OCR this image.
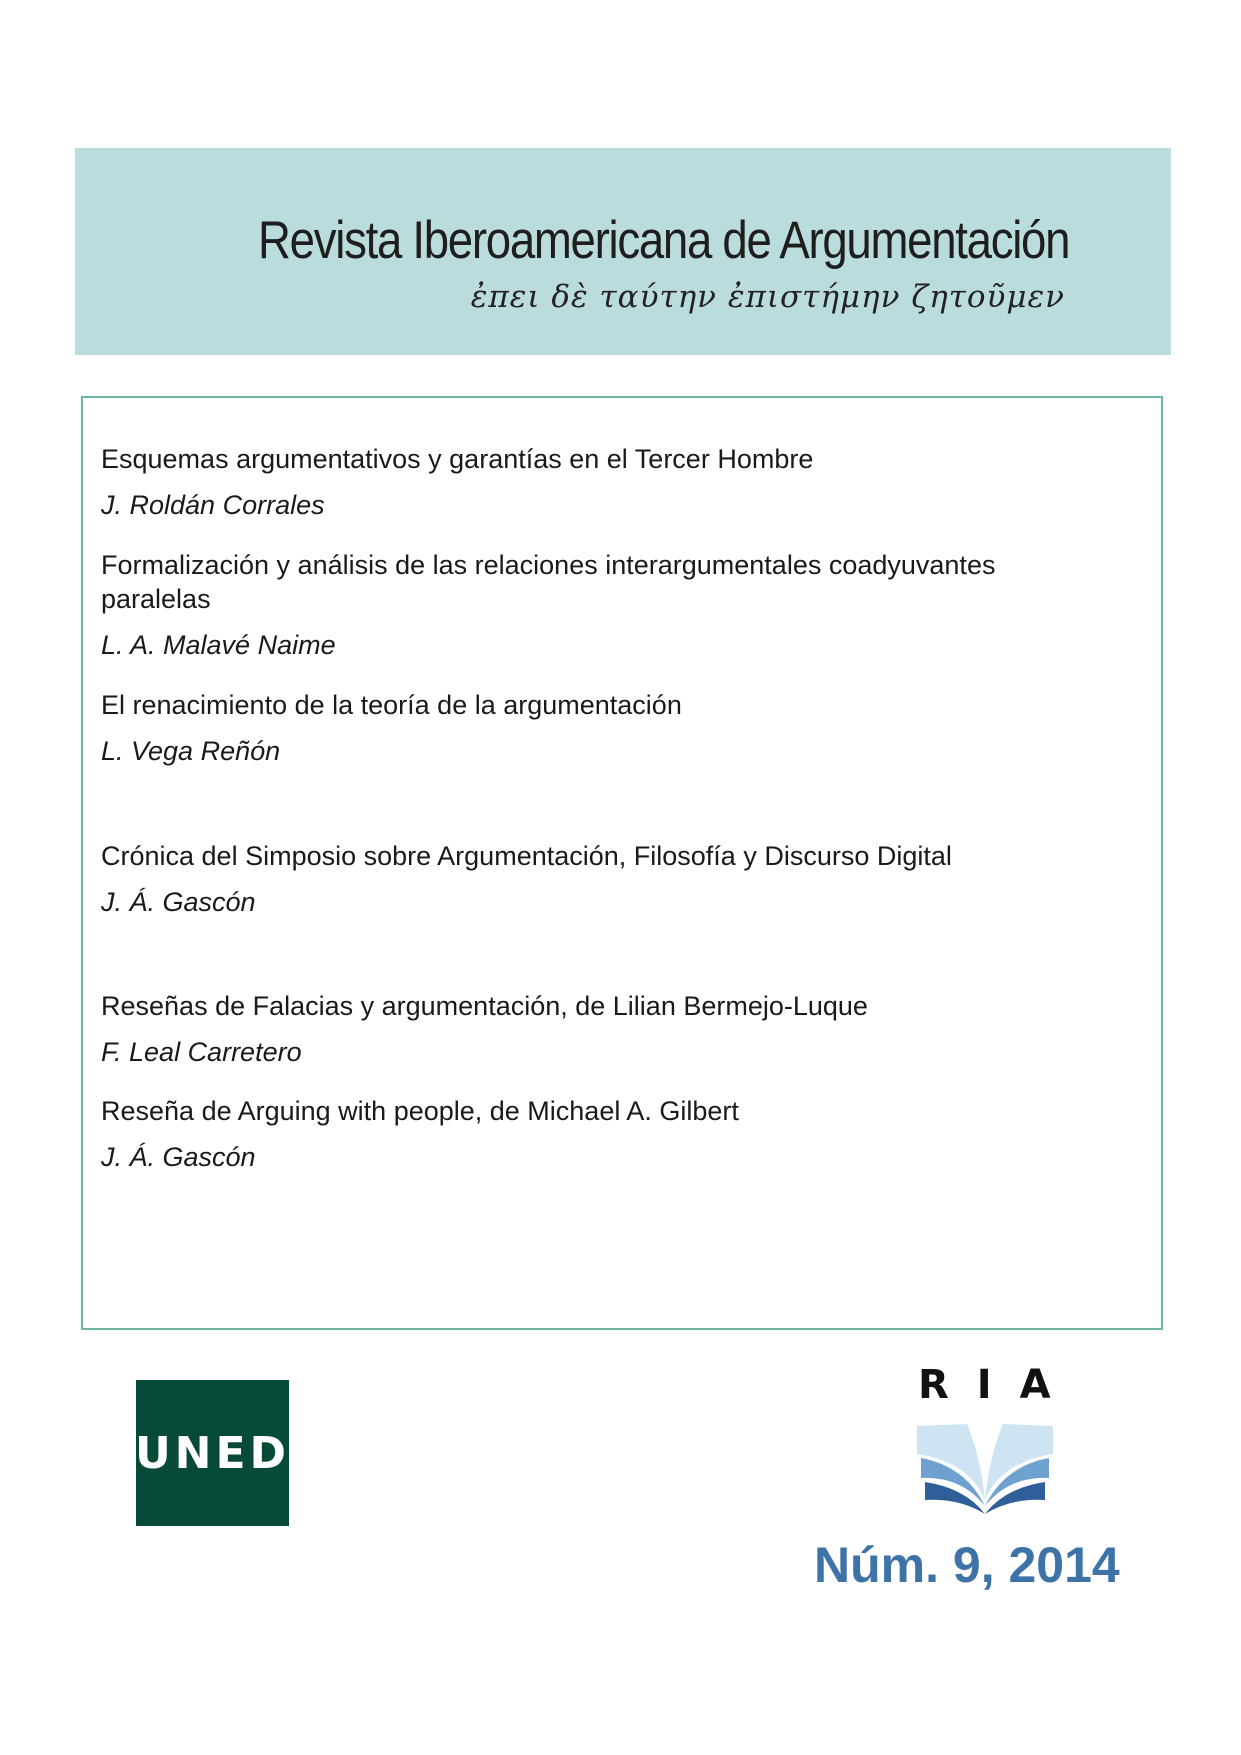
Revista Iberoamericana de Argumentación
ἐπει δὲ ταύτην ἐπιστήμην ζητοῦμεν

Esquemas argumentativos y garantías en el Tercer Hombre

J. Roldán Corrales

Formalización y análisis de las relaciones interargumentales coadyuvantes paralelas

L. A. Malavé Naime

El renacimiento de la teoría de la argumentación

L. Vega Reñón

Crónica del Simposio sobre Argumentación, Filosofía y Discurso Digital

J. Á. Gascón

Reseñas de Falacias y argumentación, de Lilian Bermejo-Luque

F. Leal Carretero

Reseña de Arguing with people, de Michael A. Gilbert

J. Á. Gascón
UNED
RIA
Núm. 9, 2014
